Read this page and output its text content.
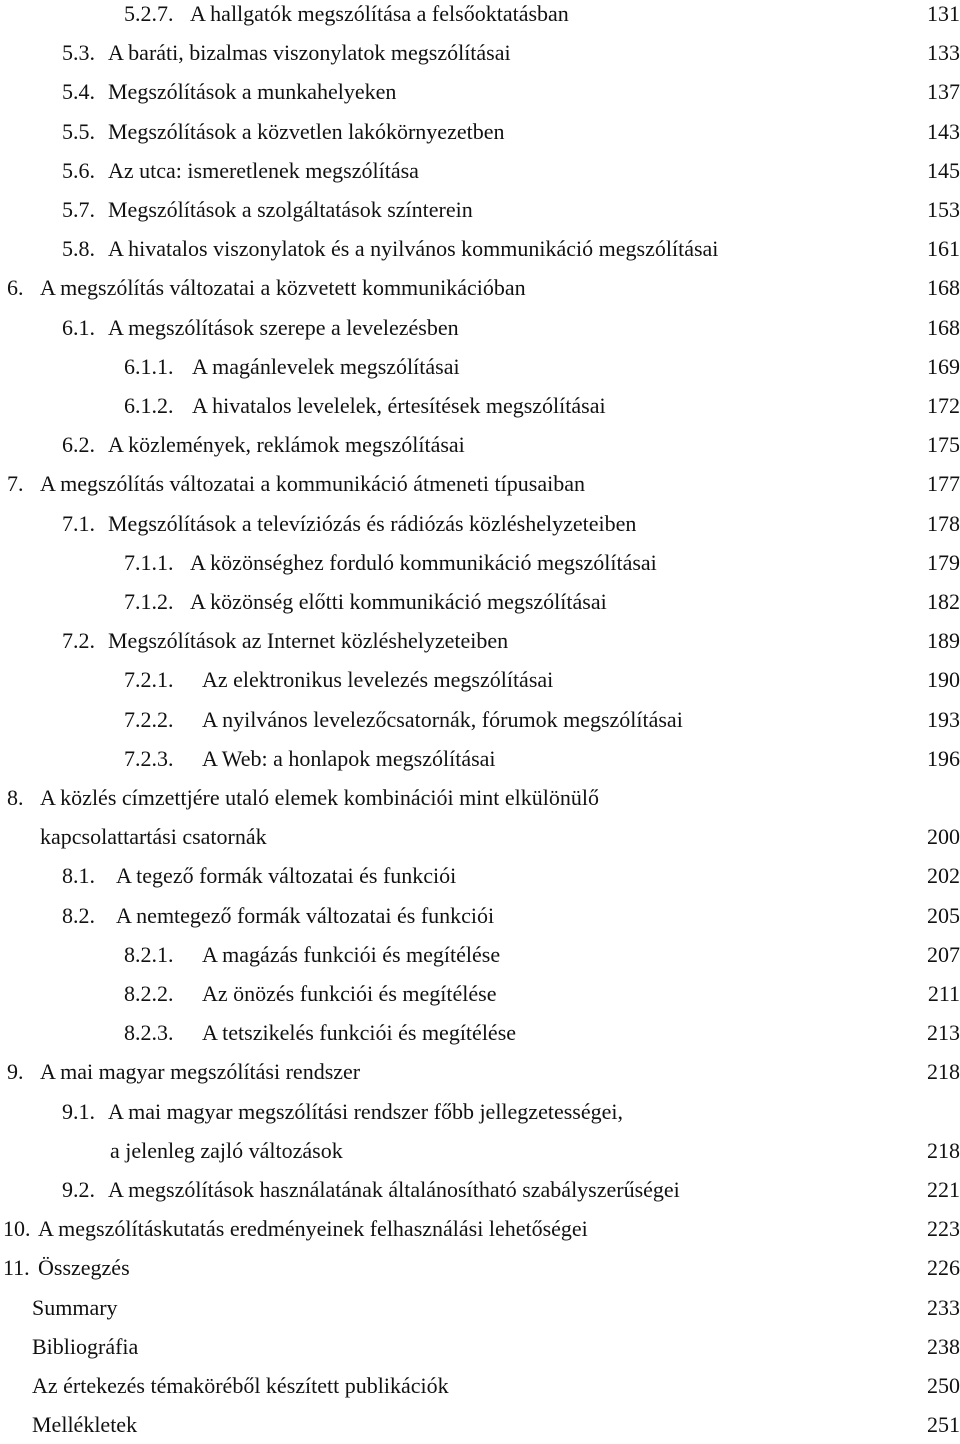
5.2.7. A hallgatók megszólítása a felsőoktatásban	131
5.3. A baráti, bizalmas viszonylatok megszólításai	133
5.4. Megszólítások a munkahelyeken	137
5.5. Megszólítások a közvetlen lakókörnyezetben	143
5.6. Az utca: ismeretlenek megszólítása	145
5.7. Megszólítások a szolgáltatások színterein	153
5.8. A hivatalos viszonylatok és a nyilvános kommunikáció megszólításai	161
6. A megszólítás változatai a közvetett kommunikációban	168
6.1. A megszólítások szerepe a levelezésben	168
6.1.1. A magánlevelek megszólításai	169
6.1.2. A hivatalos levelelek, értesítések megszólításai	172
6.2. A közlemények, reklámok megszólításai	175
7. A megszólítás változatai a kommunikáció átmeneti típusaiban	177
7.1. Megszólítások a televíziózás és rádiózás közléshelyzeteiben	178
7.1.1. A közönséghez forduló kommunikáció megszólításai	179
7.1.2. A közönség előtti kommunikáció megszólításai	182
7.2. Megszólítások az Internet közléshelyzeteiben	189
7.2.1. Az elektronikus levelezés megszólításai	190
7.2.2. A nyilvános levelezőcsatornák, fórumok megszólításai	193
7.2.3. A Web: a honlapok megszólításai	196
8. A közlés címzettjére utaló elemek kombinációi mint elkülönülő
kapcsolattartási csatornák	200
8.1. A tegező formák változatai és funkciói	202
8.2. A nemtegező formák változatai és funkciói	205
8.2.1. A magázás funkciói és megítélése	207
8.2.2. Az önözés funkciói és megítélése	211
8.2.3. A tetszikelés funkciói és megítélése	213
9. A mai magyar megszólítási rendszer	218
9.1. A mai magyar megszólítási rendszer főbb jellegzetességei,
a jelenleg zajló változások	218
9.2. A megszólítások használatának általánosítható szabályszerűségei	221
10. A megszólításkutatás eredményeinek felhasználási lehetőségei	223
11. Összegzés	226
Summary	233
Bibliográfia	238
Az értekezés témaköréből készített publikációk	250
Mellékletek	251
